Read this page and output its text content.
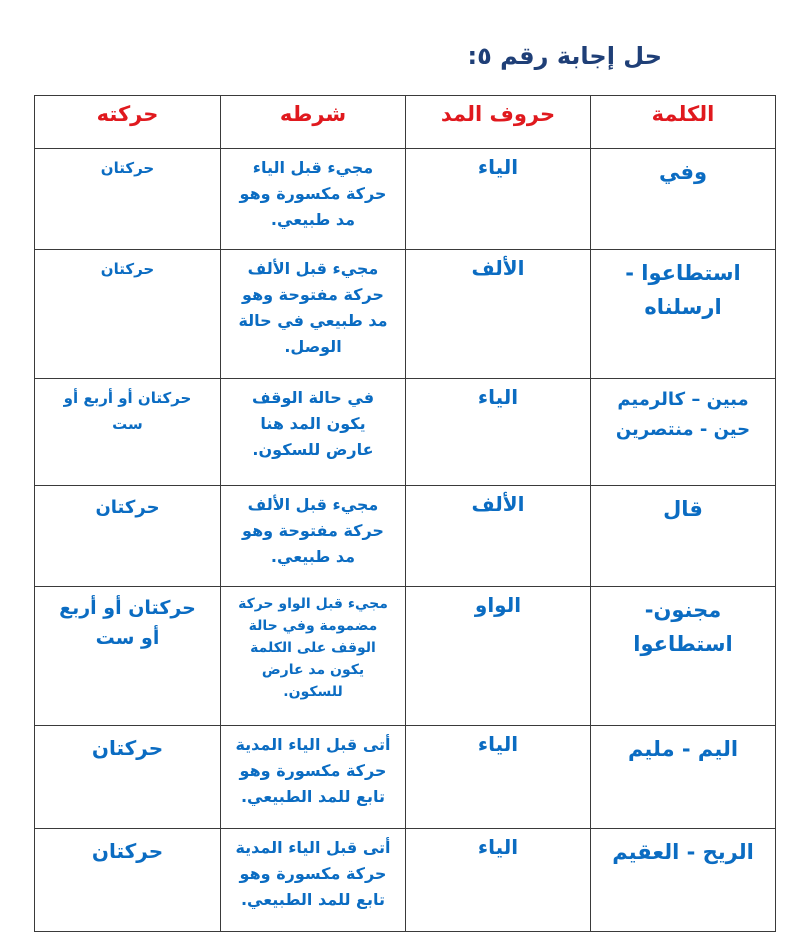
حل إجابة رقم ٥:
الكلمة	حروف المد	شرطه	حركته

وفي	الياء	مجيء قبل الياء
حركة مكسورة وهو
مد طبيعي.	حركتان

استطاعوا -
ارسلناه	الألف	مجيء قبل الألف
حركة مفتوحة وهو
مد طبيعي في حالة
الوصل.	حركتان

مبين – كالرميم
حين - منتصرين	الياء	في حالة الوقف
يكون المد هنا
عارض للسكون.	حركتان أو أربع أو
ست

قال	الألف	مجيء قبل الألف
حركة مفتوحة وهو
مد طبيعي.	حركتان

مجنون-
استطاعوا	الواو	مجيء قبل الواو حركة
مضمومة وفي حالة
الوقف على الكلمة
يكون مد عارض
للسكون.	حركتان أو أربع
أو ست

اليم - مليم	الياء	أتى قبل الياء المدية
حركة مكسورة وهو
تابع للمد الطبيعي.	حركتان

الريح - العقيم	الياء	أتى قبل الياء المدية
حركة مكسورة وهو
تابع للمد الطبيعي.	حركتان
